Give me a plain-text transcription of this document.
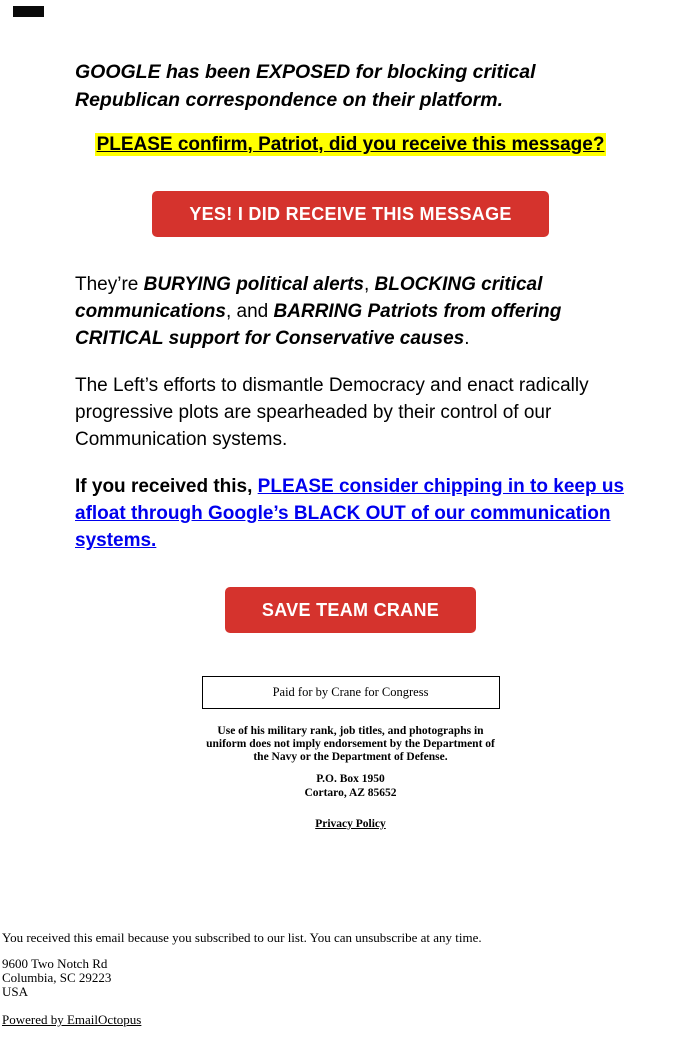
GOOGLE has been EXPOSED for blocking critical Republican correspondence on their platform.

PLEASE confirm, Patriot, did you receive this message?
YES! I DID RECEIVE THIS MESSAGE

They’re BURYING political alerts, BLOCKING critical communications, and BARRING Patriots from offering CRITICAL support for Conservative causes.

The Left’s efforts to dismantle Democracy and enact radically progressive plots are spearheaded by their control of our Communication systems.

If you received this, PLEASE consider chipping in to keep us afloat through Google’s BLACK OUT of our communication systems.

SAVE TEAM CRANE
Paid for by Crane for Congress
Use of his military rank, job titles, and photographs in
uniform does not imply endorsement by the Department of
the Navy or the Department of Defense.
P.O. Box 1950
Cortaro, AZ 85652
Privacy Policy

You received this email because you subscribed to our list. You can unsubscribe at any time.

9600 Two Notch Rd
Columbia, SC 29223
USA
Powered by EmailOctopus
